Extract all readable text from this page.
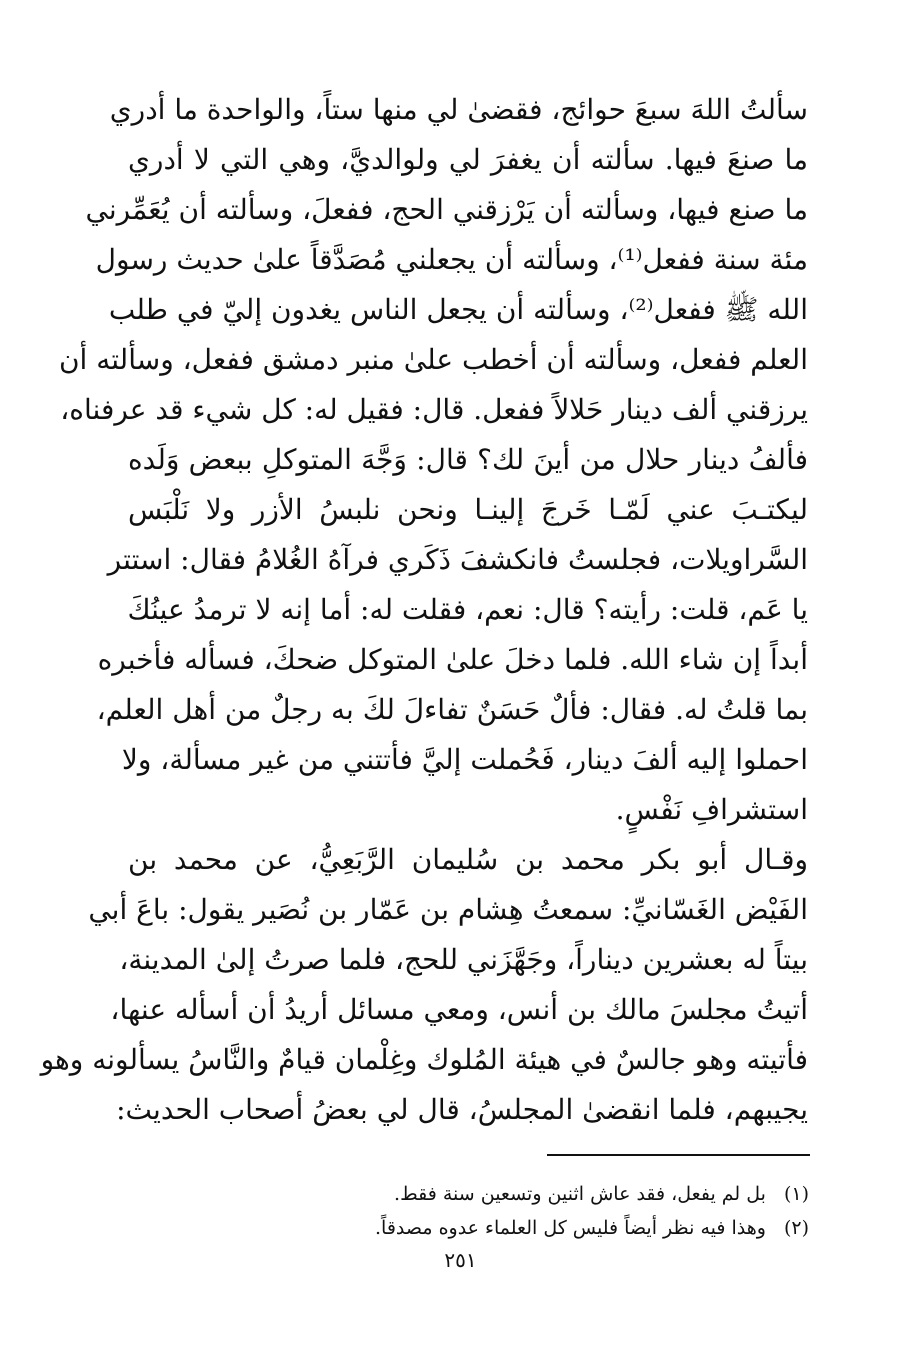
سألتُ اللهَ سبعَ حوائج، فقضىٰ لي منها ستاً، والواحدة ما أدري
ما صنعَ فيها. سألته أن يغفرَ لي ولوالديَّ، وهي التي لا أدري
ما صنع فيها، وسألته أن يَرْزقني الحج، ففعلَ، وسألته أن يُعَمِّرني
مئة سنة ففعل⁽¹⁾، وسألته أن يجعلني مُصَدَّقاً علىٰ حديث رسول
الله ﷺ ففعل⁽²⁾، وسألته أن يجعل الناس يغدون إليّ في طلب
العلم ففعل، وسألته أن أخطب علىٰ منبر دمشق ففعل، وسألته أن
يرزقني ألف دينار حَلالاً ففعل. قال: فقيل له: كل شيء قد عرفناه،
فألفُ دينار حلال من أينَ لك؟ قال: وَجَّهَ المتوكلِ ببعض وَلَده
ليكتـبَ عني لَمّـا خَرجَ إلينـا ونحن نلبسُ الأزر ولا نَلْبَس
السَّراويلات، فجلستُ فانكشفَ ذَكَري فرآهُ الغُلامُ فقال: استتر
يا عَم، قلت: رأيته؟ قال: نعم، فقلت له: أما إنه لا ترمدُ عينُكَ
أبداً إن شاء الله. فلما دخلَ علىٰ المتوكل ضحكَ، فسأله فأخبره
بما قلتُ له. فقال: فألٌ حَسَنٌ تفاءلَ لكَ به رجلٌ من أهل العلم،
احملوا إليه ألفَ دينار، فَحُملت إليَّ فأتتني من غير مسألة، ولا
استشرافِ نَفْسٍ.
وقـال أبو بكر محمد بن سُليمان الرَّبَعِيُّ، عن محمد بن
الفَيْض الغَسّانيِّ: سمعتُ هِشام بن عَمّار بن نُصَير يقول: باعَ أبي
بيتاً له بعشرين ديناراً، وجَهَّزَني للحج، فلما صرتُ إلىٰ المدينة،
أتيتُ مجلسَ مالك بن أنس، ومعي مسائل أريدُ أن أسأله عنها،
فأتيته وهو جالسٌ في هيئة المُلوك وغِلْمان قيامٌ والنَّاسُ يسألونه وهو
يجيبهم، فلما انقضىٰ المجلسُ، قال لي بعضُ أصحاب الحديث:
(١)بل لم يفعل، فقد عاش اثنين وتسعين سنة فقط.
(٢)وهذا فيه نظر أيضاً فليس كل العلماء عدوه مصدقاً.
٢٥١
